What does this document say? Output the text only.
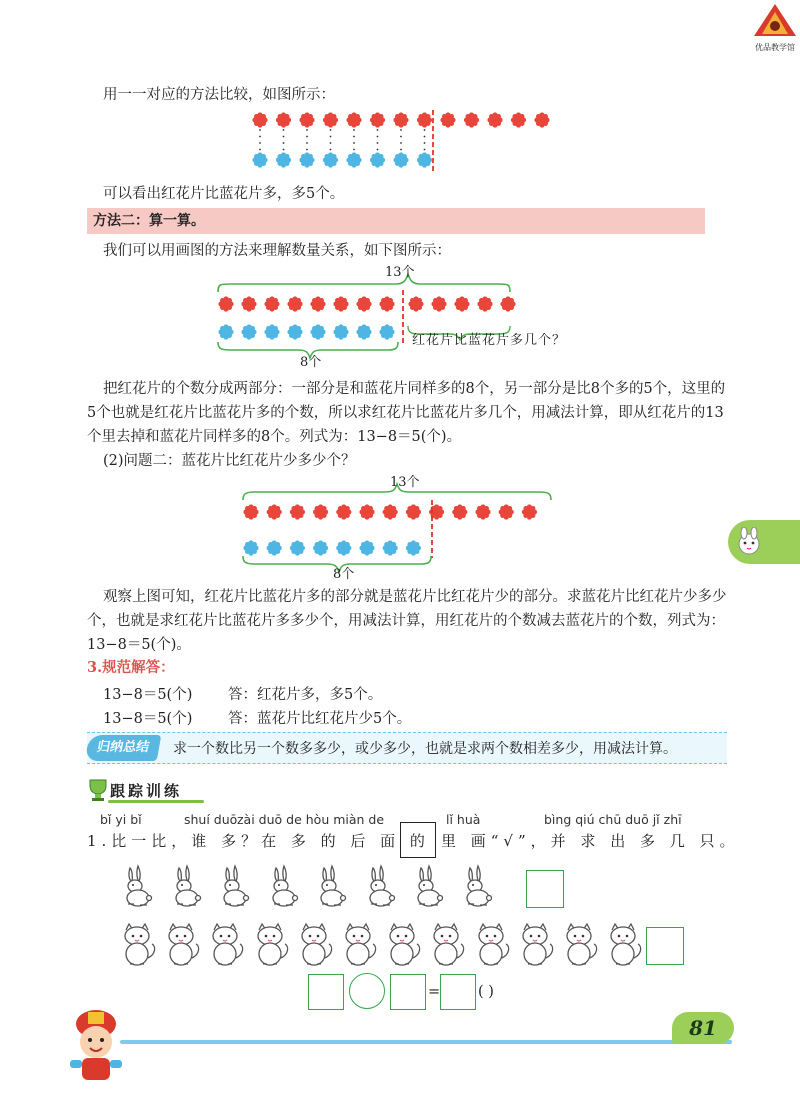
优品教学馆
用一一对应的方法比较，如图所示：
可以看出红花片比蓝花片多，多5个。
方法二：算一算。
我们可以用画图的方法来理解数量关系，如下图所示：
13个
8个
红花片比蓝花片多几个？
把红花片的个数分成两部分：一部分是和蓝花片同样多的8个，另一部分是比8个多的5个，这里的5个也就是红花片比蓝花片多的个数，所以求红花片比蓝花片多几个，用减法计算，即从红花片的13个里去掉和蓝花片同样多的8个。列式为：13−8＝5(个)。
(2)问题二：蓝花片比红花片少多少个？
13个
8个
观察上图可知，红花片比蓝花片多的部分就是蓝花片比红花片少的部分。求蓝花片比红花片少多少个，也就是求红花片比蓝花片多多少个，用减法计算，用红花片的个数减去蓝花片的个数，列式为：13−8＝5(个)。
3.规范解答：
13−8＝5(个) 答：红花片多，多5个。
13−8＝5(个) 答：蓝花片比红花片少5个。
归纳总结	求一个数比另一个数多多少，或少多少，也就是求两个数相差多少，用减法计算。
跟踪训练
bǐ yi bǐ	shuí duō zài duō de hòu miàn de	lǐ huà	bìng qiú chū duō jǐ zhī
1.比一比，谁 多？在 多 的 后 面 的 里 画“√”，并 求 出 多 几 只。
=	( )
81
